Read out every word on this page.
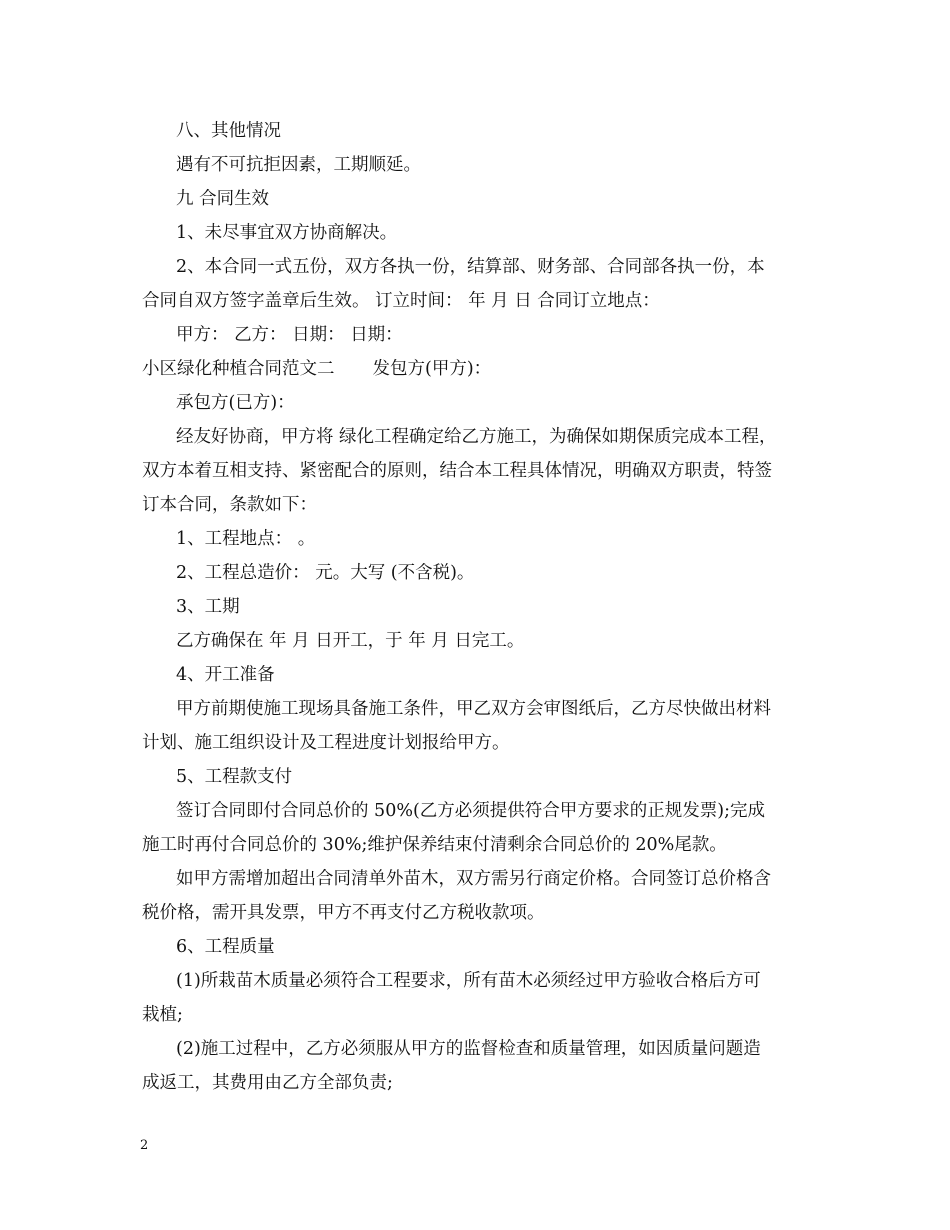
八、其他情况
遇有不可抗拒因素，工期顺延。
九 合同生效
1、未尽事宜双方协商解决。
2、本合同一式五份，双方各执一份，结算部、财务部、合同部各执一份，本
合同自双方签字盖章后生效。 订立时间： 年 月 日 合同订立地点：
甲方： 乙方： 日期： 日期：
小区绿化种植合同范文二 发包方(甲方)：
承包方(已方)：
经友好协商，甲方将 绿化工程确定给乙方施工，为确保如期保质完成本工程，
双方本着互相支持、紧密配合的原则，结合本工程具体情况，明确双方职责，特签
订本合同，条款如下：
1、工程地点： 。
2、工程总造价： 元。大写 (不含税)。
3、工期
乙方确保在 年 月 日开工，于 年 月 日完工。
4、开工准备
甲方前期使施工现场具备施工条件，甲乙双方会审图纸后，乙方尽快做出材料
计划、施工组织设计及工程进度计划报给甲方。
5、工程款支付
签订合同即付合同总价的 50%(乙方必须提供符合甲方要求的正规发票);完成
施工时再付合同总价的 30%;维护保养结束付清剩余合同总价的 20%尾款。
如甲方需增加超出合同清单外苗木，双方需另行商定价格。合同签订总价格含
税价格，需开具发票，甲方不再支付乙方税收款项。
6、工程质量
(1)所栽苗木质量必须符合工程要求，所有苗木必须经过甲方验收合格后方可
栽植;
(2)施工过程中，乙方必须服从甲方的监督检查和质量管理，如因质量问题造
成返工，其费用由乙方全部负责;
2
